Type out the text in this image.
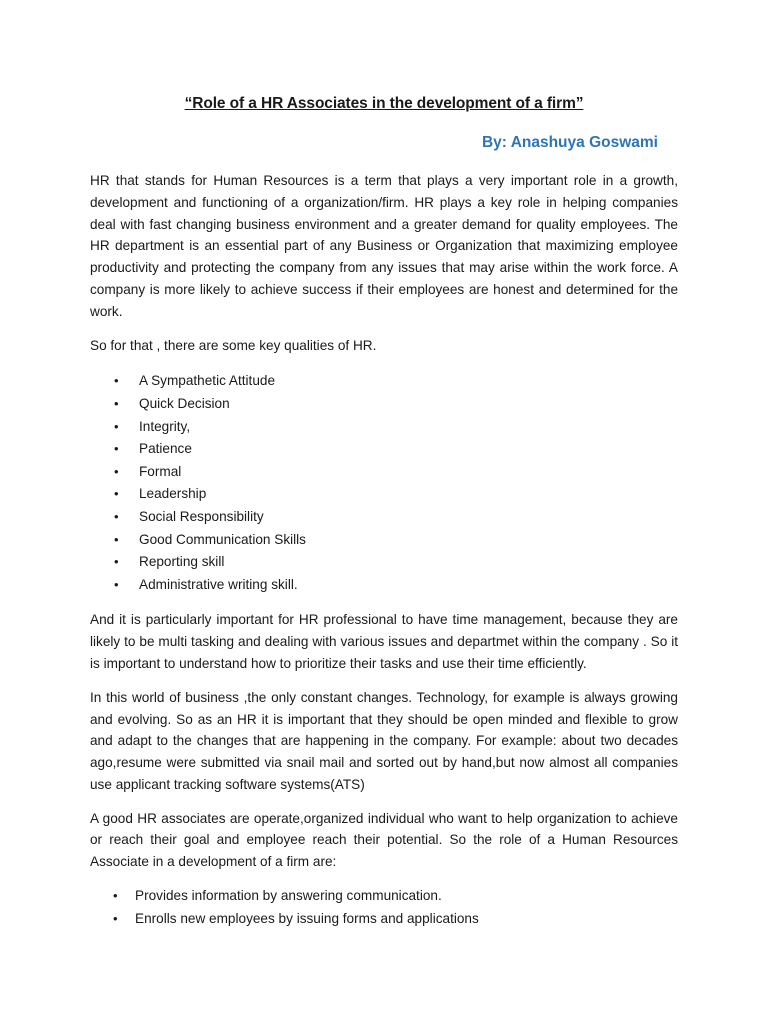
“Role of a HR Associates in the development of a firm”
By: Anashuya Goswami

HR that stands for Human Resources is a term that plays a very important role in a growth, development and functioning of a organization/firm. HR plays a key role in helping companies deal with fast changing business environment and a greater demand for quality employees. The HR department is an essential part of any Business or Organization that maximizing employee productivity and protecting the company from any issues that may arise within the work force. A company is more likely to achieve success if their employees are honest and determined for the work.

So for that , there are some key qualities of HR.

• A Sympathetic Attitude
• Quick Decision
• Integrity,
• Patience
• Formal
• Leadership
• Social Responsibility
• Good Communication Skills
• Reporting skill
• Administrative writing skill.

And it is particularly important for HR professional to have time management, because they are likely to be multi tasking and dealing with various issues and departmet within the company . So it is important to understand how to prioritize their tasks and use their time efficiently.

In this world of business ,the only constant changes. Technology, for example is always growing and evolving. So as an HR it is important that they should be open minded and flexible to grow and adapt to the changes that are happening in the company. For example: about two decades ago,resume were submitted via snail mail and sorted out by hand,but now almost all companies use applicant tracking software systems(ATS)

A good HR associates are operate,organized individual who want to help organization to achieve or reach their goal and employee reach their potential. So the role of a Human Resources Associate in a development of a firm are:

• Provides information by answering communication.
• Enrolls new employees by issuing forms and applications
